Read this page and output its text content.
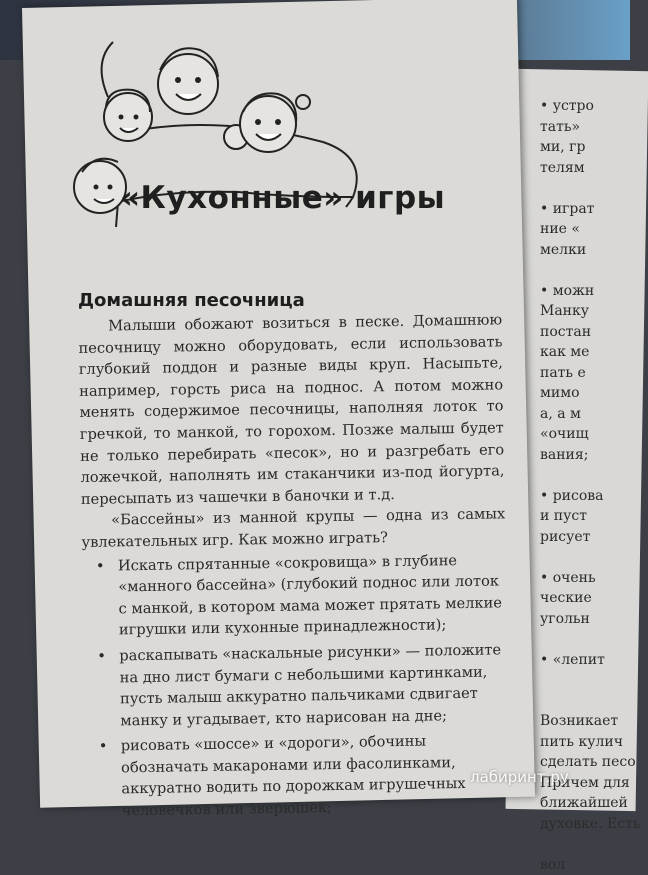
• устро
тать»
ми, гр
телям
• играт
ние «
мелки
• можн
Манку
постан
как ме
пать е
мимо
а, а м
«очищ
вания;
• рисова
и пуст
рисует
• очень
ческие
угольн
• «лепит
Возникает
пить кулич
сделать песо
Причем для
ближайшей
духовке. Есть
вол
«Кухонные» игры
Домашняя песочница

Малыши обожают возиться в песке. Домашнюю песочницу можно оборудовать, если использовать глубокий поддон и разные виды круп. Насыпьте, например, горсть риса на поднос. А потом можно менять содержимое песочницы, наполняя лоток то гречкой, то манкой, то горохом. Позже малыш будет не только перебирать «песок», но и разгребать его ложечкой, наполнять им стаканчики из-под йогурта, пересыпать из чашечки в баночки и т.д.

«Бассейны» из манной крупы — одна из самых увлекательных игр. Как можно играть?

• Искать спрятанные «сокровища» в глубине «манного бассейна» (глубокий поднос или лоток с манкой, в котором мама может прятать мелкие игрушки или кухонные принадлежности);
• раскапывать «наскальные рисунки» — положите на дно лист бумаги с небольшими картинками, пусть малыш аккуратно пальчиками сдвигает манку и угадывает, кто нарисован на дне;
• рисовать «шоссе» и «дороги», обочины обозначать макаронами или фасолинками, аккуратно водить по дорожкам игрушечных человечков или зверюшек;
лабиринт.ру
